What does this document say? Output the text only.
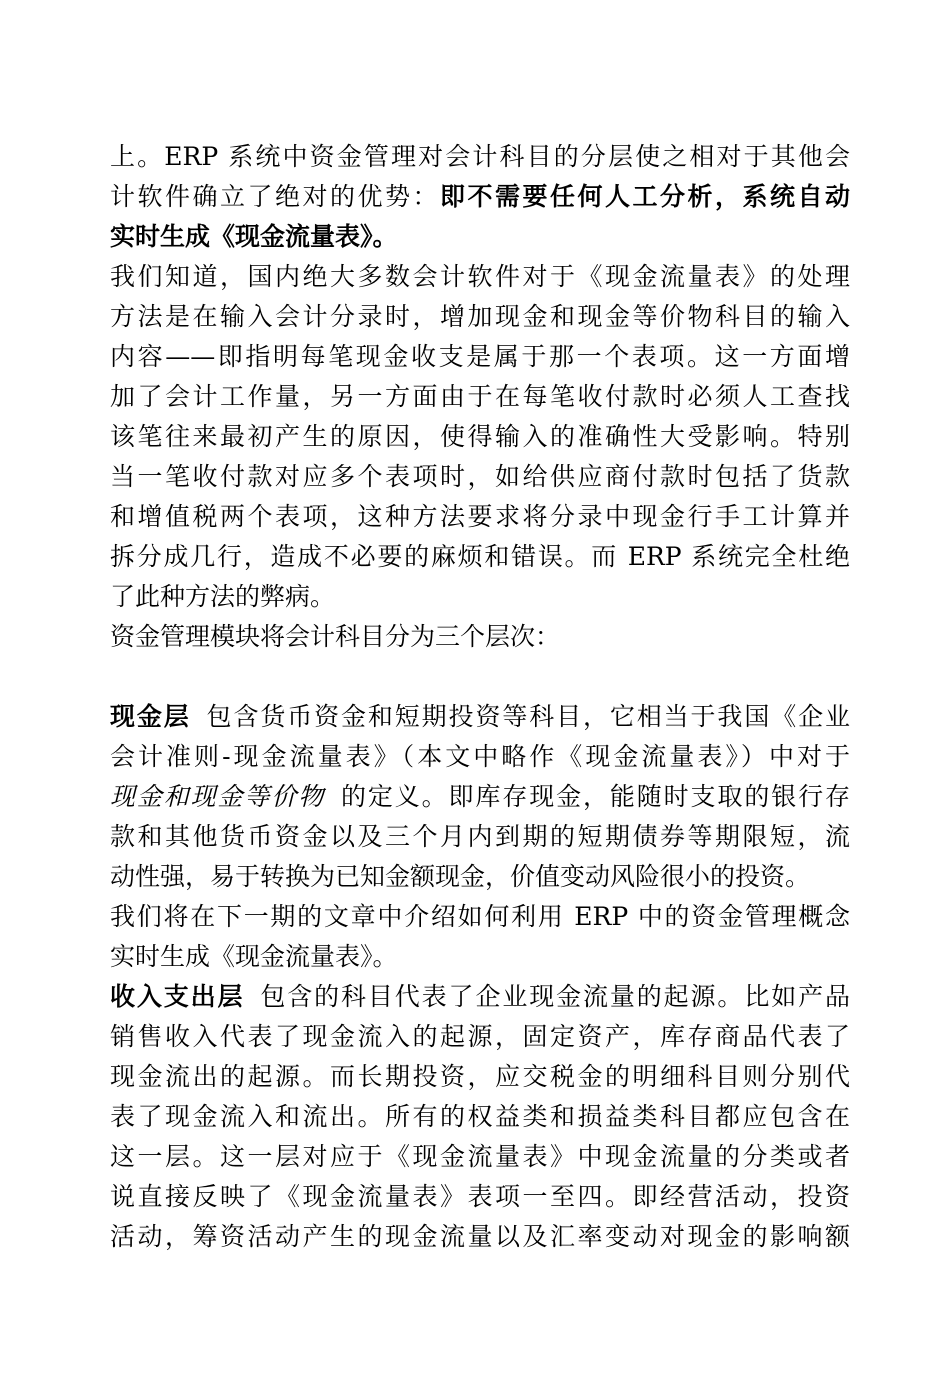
上。ERP 系统中资金管理对会计科目的分层使之相对于其他会
计软件确立了绝对的优势：即不需要任何人工分析，系统自动
实时生成《现金流量表》。
我们知道，国内绝大多数会计软件对于《现金流量表》的处理
方法是在输入会计分录时，增加现金和现金等价物科目的输入
内容——即指明每笔现金收支是属于那一个表项。这一方面增
加了会计工作量，另一方面由于在每笔收付款时必须人工查找
该笔往来最初产生的原因，使得输入的准确性大受影响。特别
当一笔收付款对应多个表项时，如给供应商付款时包括了货款
和增值税两个表项，这种方法要求将分录中现金行手工计算并
拆分成几行，造成不必要的麻烦和错误。而 ERP 系统完全杜绝
了此种方法的弊病。
资金管理模块将会计科目分为三个层次：
现金层 包含货币资金和短期投资等科目，它相当于我国《企业
会计准则-现金流量表》（本文中略作《现金流量表》）中对于
现金和现金等价物 的定义。即库存现金，能随时支取的银行存
款和其他货币资金以及三个月内到期的短期债券等期限短，流
动性强，易于转换为已知金额现金，价值变动风险很小的投资。
我们将在下一期的文章中介绍如何利用 ERP 中的资金管理概念
实时生成《现金流量表》。
收入支出层 包含的科目代表了企业现金流量的起源。比如产品
销售收入代表了现金流入的起源，固定资产，库存商品代表了
现金流出的起源。而长期投资，应交税金的明细科目则分别代
表了现金流入和流出。所有的权益类和损益类科目都应包含在
这一层。这一层对应于《现金流量表》中现金流量的分类或者
说直接反映了《现金流量表》表项一至四。即经营活动，投资
活动，筹资活动产生的现金流量以及汇率变动对现金的影响额
